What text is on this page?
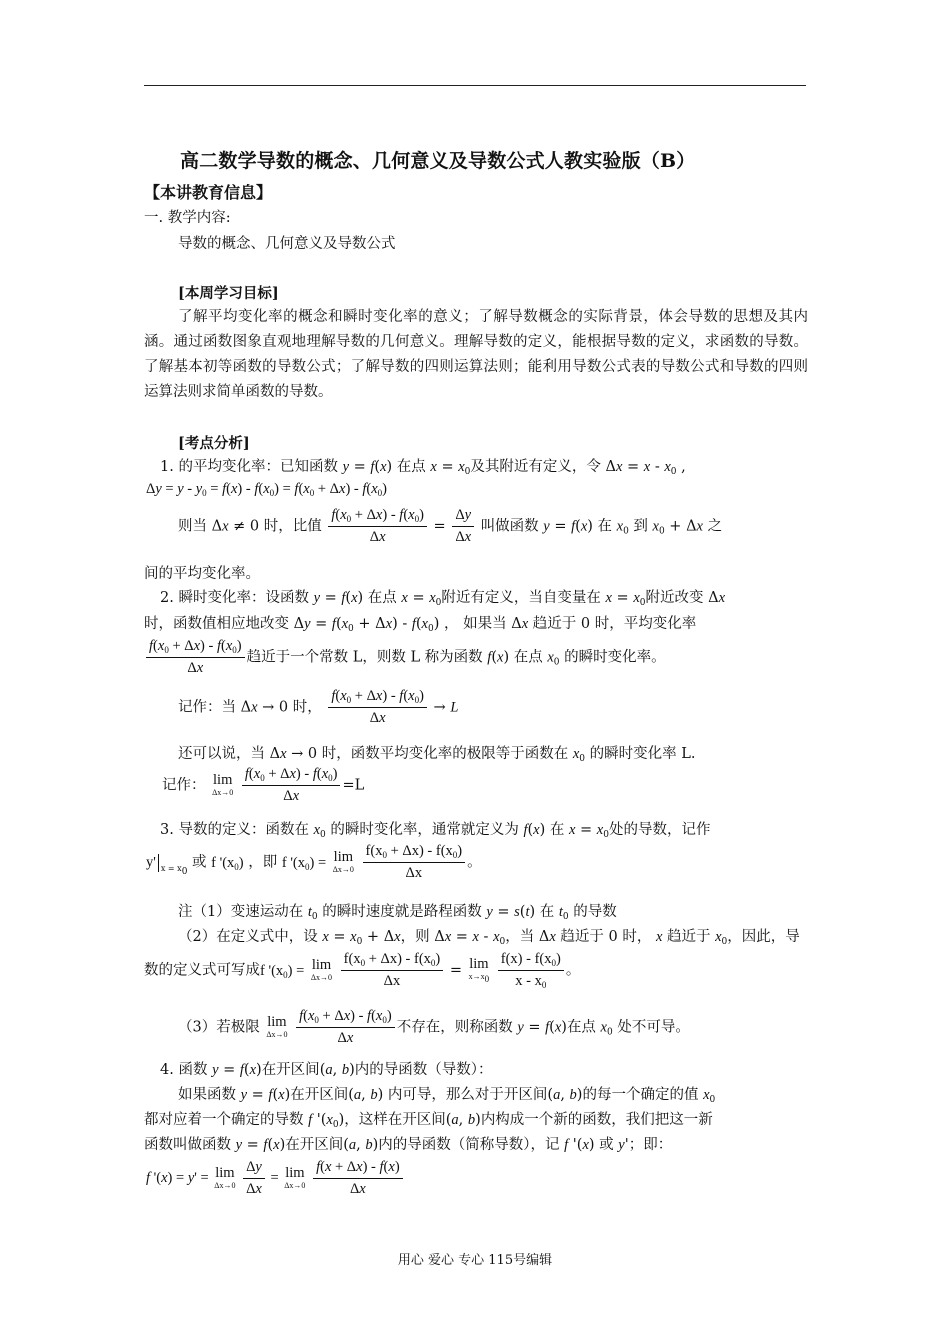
高二数学导数的概念、几何意义及导数公式人教实验版（B）
【本讲教育信息】
一. 教学内容:
导数的概念、几何意义及导数公式
[本周学习目标]
了解平均变化率的概念和瞬时变化率的意义；了解导数概念的实际背景，体会导数的思想及其内涵。通过函数图象直观地理解导数的几何意义。理解导数的定义，能根据导数的定义，求函数的导数。了解基本初等函数的导数公式；了解导数的四则运算法则；能利用导数公式表的导数公式和导数的四则运算法则求简单函数的导数。
[考点分析]
1. 的平均变化率：已知函数 y = f(x) 在点 $x = x_0$及其附近有定义，令 $\Delta x = x - x_0$ ,
$\Delta y = y - y_0 = f(x) - f(x_0) = f(x_0 + \Delta x) - f(x_0)$
则当 Δx ≠ 0 时，比值 $\frac{f(x_0 + \Delta x) - f(x_0)}{\Delta x} = \frac{\Delta y}{\Delta x}$ 叫做函数 y = f(x) 在 $x_0$ 到 $x_0 + \Delta x$ 之
间的平均变化率。
2. 瞬时变化率：设函数 y = f(x) 在点 $x = x_0$附近有定义，当自变量在 $x = x_0$附近改变 Δx
时，函数值相应地改变 $\Delta y = f(x_0 + \Delta x) - f(x_0)$ ， 如果当 Δx 趋近于 0 时，平均变化率
$\frac{f(x_0 + \Delta x) - f(x_0)}{\Delta x}$ 趋近于一个常数 L，则数 L 称为函数 f(x) 在点 $x_0$ 的瞬时变化率。
记作：当 Δx → 0 时， $\frac{f(x_0 + \Delta x) - f(x_0)}{\Delta x} \to L$
还可以说，当 Δx → 0 时，函数平均变化率的极限等于函数在 $x_0$ 的瞬时变化率 L.
记作： lim
Δx→0
$\frac{f(x_0 + \Delta x) - f(x_0)}{\Delta x} =L$
3. 导数的定义：函数在 $x_0$ 的瞬时变化率，通常就定义为 f(x) 在 $x = x_0$处的导数，记作
y' $_{x = x_0}$ 或 f '$(x_0)$ ，即 f '$(x_0) = \lim$
Δx→0
$\frac{f(x_0 + \Delta x) - f(x_0)}{\Delta x}$ 。
注（1）变速运动在 $t_0$ 的瞬时速度就是路程函数 y = s(t) 在 $t_0$ 的导数
（2）在定义式中，设 $x = x_0 + \Delta x$，则 $\Delta x = x - x_0$，当 Δx 趋近于 0 时， x 趋近于 $x_0$，因此，导
数的定义式可写成f '$(x_0) = \lim$
Δx→0
$\frac{f(x_0 + \Delta x) - f(x_0)}{\Delta x} = \lim$
$x\to x_0$
$\frac{f(x) - f(x_0)}{x - x_0}$ 。
（3）若极限 lim
Δx→0
$\frac{f(x_0 + \Delta x) - f(x_0)}{\Delta x}$ 不存在，则称函数 y = f(x)在点 $x_0$ 处不可导。
4. 函数 y = f(x)在开区间(a, b)内的导函数（导数）：
如果函数 y = f(x)在开区间(a, b) 内可导，那么对于开区间(a, b)的每一个确定的值 $x_0$
都对应着一个确定的导数 f '$(x_0)$，这样在开区间(a, b)内构成一个新的函数，我们把这一新
函数叫做函数 y = f(x)在开区间(a, b)内的导函数（简称导数），记 f '(x) 或 y'；即：
f '(x) = y' = lim
Δx→0
$\frac{\Delta y}{\Delta x} = \lim$
Δx→0
$\frac{f(x + \Delta x) - f(x)}{\Delta x}$
用心 爱心 专心 115号编辑
